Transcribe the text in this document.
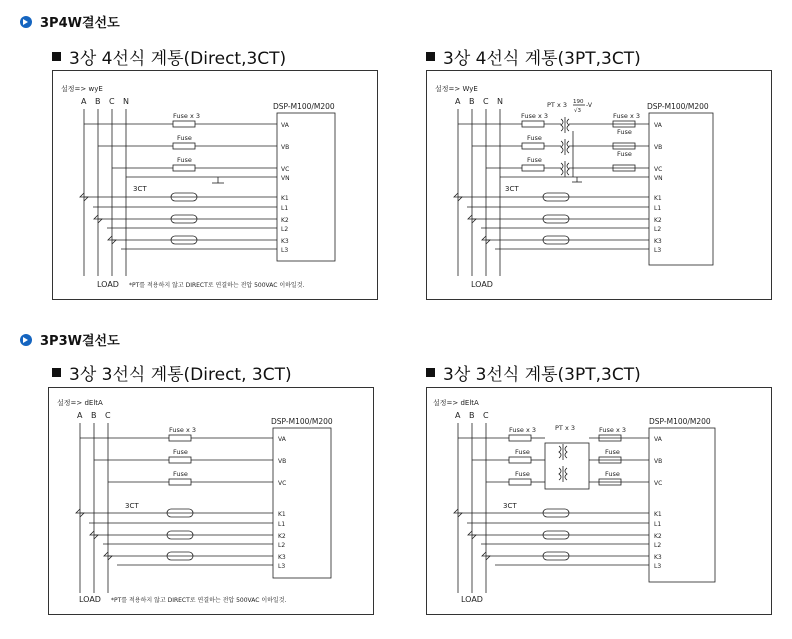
3P4W결선도
3P3W결선도
3상 4선식 계통(Direct,3CT)	3상 4선식 계통(3PT,3CT)
3상 3선식 계통(Direct, 3CT)	3상 3선식 계통(3PT,3CT)
설정=> wyE
A B C N
DSP-M100/M200
Fuse x 3
Fuse
Fuse
3CT
VA
VB
VC
VN
K1
L1
K2
L2
K3
L3
LOAD *PT를 적용하지 않고 DIRECT로 연결하는 전압 500VAC 이하일것.
설정=> WyE
A B C N
DSP-M100/M200
PT x 3 190
√3
-V
Fuse x 3	Fuse x 3
Fuse
Fuse
Fuse
Fuse
3CT
VA
VB
VC
VN
K1
L1
K2
L2
K3
L3
LOAD
설정=> dEltA
A B C
DSP-M100/M200
Fuse x 3
Fuse
Fuse
3CT
VA
VB
VC
K1
L1
K2
L2
K3
L3
LOAD *PT를 적용하지 않고 DIRECT로 연결하는 전압 500VAC 이하일것.
설정=> dEltA
A B C
DSP-M100/M200
PT x 3
Fuse x 3	Fuse x 3
Fuse	Fuse
Fuse	Fuse
3CT
VA
VB
VC
K1
L1
K2
L2
K3
L3
LOAD
